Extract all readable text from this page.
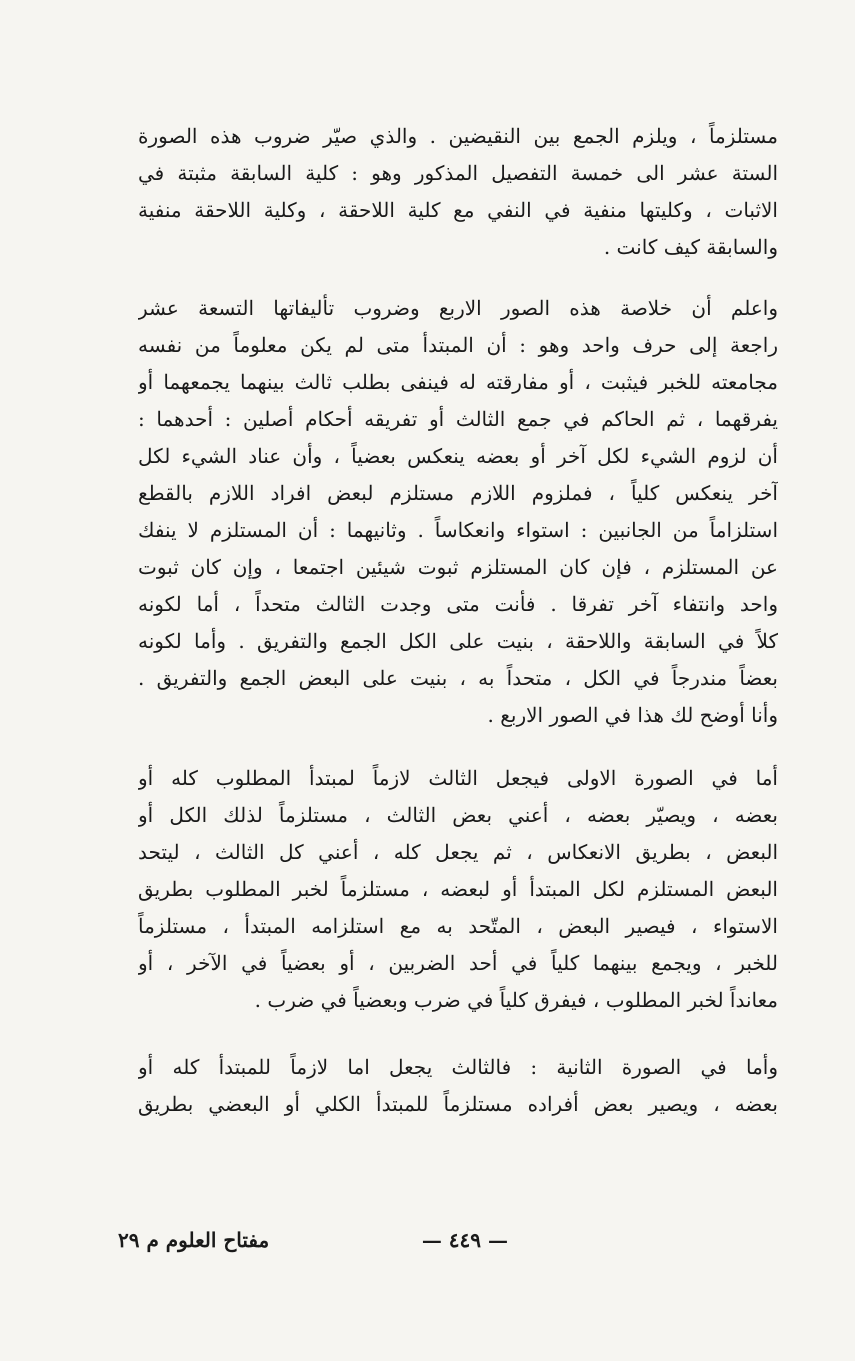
مستلزماً ، ويلزم الجمع بين النقيضين . والذي صيّر ضروب هذه الصورة

الستة عشر الى خمسة التفصيل المذكور وهو : كلية السابقة مثبتة في

الاثبات ، وكليتها منفية في النفي مع كلية اللاحقة ، وكلية اللاحقة منفية

والسابقة كيف كانت .

واعلم أن خلاصة هذه الصور الاربع وضروب تأليفاتها التسعة عشر

راجعة إلى حرف واحد وهو : أن المبتدأ متى لم يكن معلوماً من نفسه

مجامعته للخبر فيثبت ، أو مفارقته له فينفى بطلب ثالث بينهما يجمعهما أو

يفرقهما ، ثم الحاكم في جمع الثالث أو تفريقه أحكام أصلين : أحدهما :

أن لزوم الشيء لكل آخر أو بعضه ينعكس بعضياً ، وأن عناد الشيء لكل

آخر ينعكس كلياً ، فملزوم اللازم مستلزم لبعض افراد اللازم بالقطع

استلزاماً من الجانبين : استواء وانعكاساً . وثانيهما : أن المستلزم لا ينفك

عن المستلزم ، فإن كان المستلزم ثبوت شيئين اجتمعا ، وإن كان ثبوت

واحد وانتفاء آخر تفرقا . فأنت متى وجدت الثالث متحداً ، أما لكونه

كلاً في السابقة واللاحقة ، بنيت على الكل الجمع والتفريق . وأما لكونه

بعضاً مندرجاً في الكل ، متحداً به ، بنيت على البعض الجمع والتفريق .

وأنا أوضح لك هذا في الصور الاربع .

أما في الصورة الاولى فيجعل الثالث لازماً لمبتدأ المطلوب كله أو

بعضه ، ويصيّر بعضه ، أعني بعض الثالث ، مستلزماً لذلك الكل أو

البعض ، بطريق الانعكاس ، ثم يجعل كله ، أعني كل الثالث ، ليتحد

البعض المستلزم لكل المبتدأ أو لبعضه ، مستلزماً لخبر المطلوب بطريق

الاستواء ، فيصير البعض ، المتّحد به مع استلزامه المبتدأ ، مستلزماً

للخبر ، ويجمع بينهما كلياً في أحد الضربين ، أو بعضياً في الآخر ، أو

معانداً لخبر المطلوب ، فيفرق كلياً في ضرب وبعضياً في ضرب .

وأما في الصورة الثانية : فالثالث يجعل اما لازماً للمبتدأ كله أو

بعضه ، ويصير بعض أفراده مستلزماً للمبتدأ الكلي أو البعضي بطريق

— ٤٤٩ —
مفتاح العلوم م ٢٩
